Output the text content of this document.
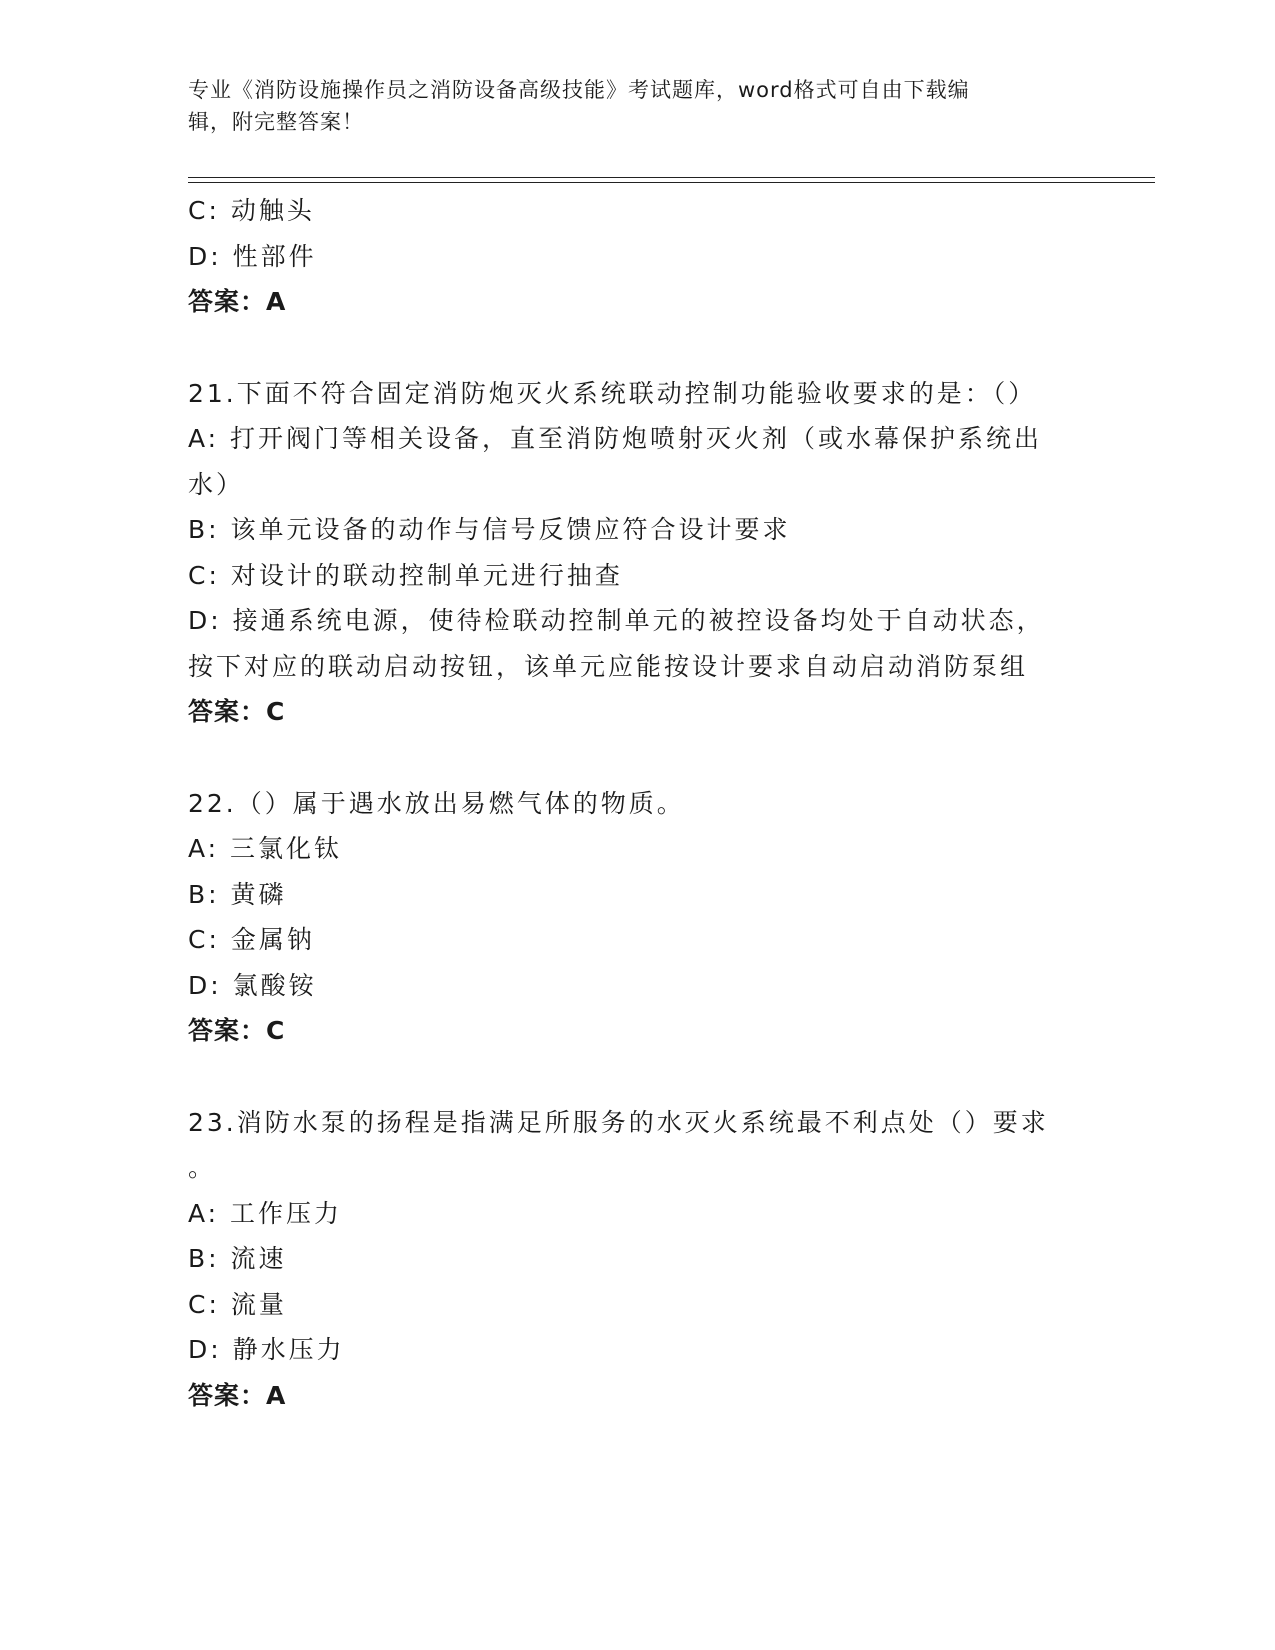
专业《消防设施操作员之消防设备高级技能》考试题库，word格式可自由下载编
辑，附完整答案！
C: 动触头
D: 性部件
答案：A
21.下面不符合固定消防炮灭火系统联动控制功能验收要求的是：（）
A: 打开阀门等相关设备，直至消防炮喷射灭火剂（或水幕保护系统出
水）
B: 该单元设备的动作与信号反馈应符合设计要求
C: 对设计的联动控制单元进行抽查
D: 接通系统电源，使待检联动控制单元的被控设备均处于自动状态，
按下对应的联动启动按钮，该单元应能按设计要求自动启动消防泵组
答案：C
22.（）属于遇水放出易燃气体的物质。
A: 三氯化钛
B: 黄磷
C: 金属钠
D: 氯酸铵
答案：C
23.消防水泵的扬程是指满足所服务的水灭火系统最不利点处（）要求
。
A: 工作压力
B: 流速
C: 流量
D: 静水压力
答案：A
